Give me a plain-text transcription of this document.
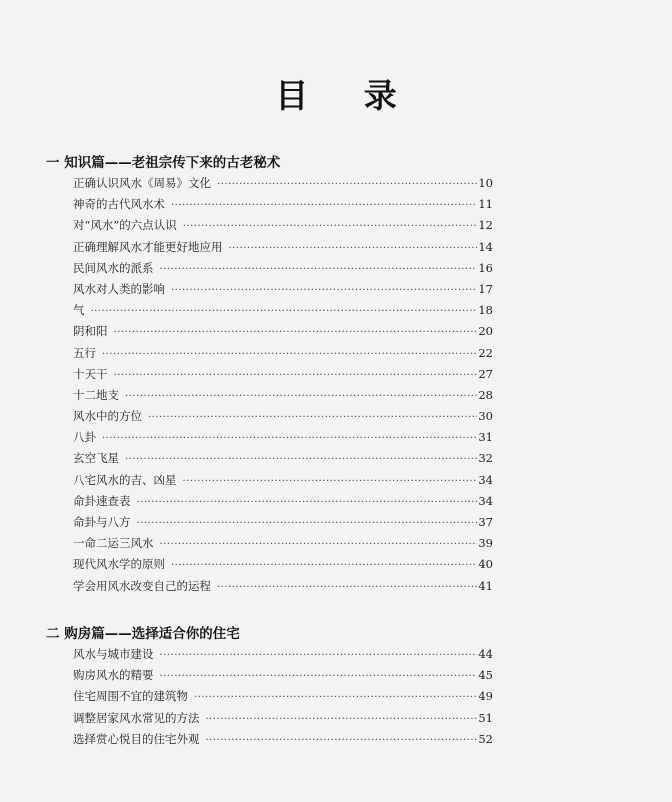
目 录
一 知识篇——老祖宗传下来的古老秘术
正确认识风水《周易》文化 ·····	10
神奇的古代风水术 ·····	11
对“风水”的六点认识 ·····	12
正确理解风水才能更好地应用 ·····	14
民间风水的派系 ·····	16
风水对人类的影响 ·····	17
气 ·····	18
阴和阳 ·····	20
五行 ·····	22
十天干 ·····	27
十二地支 ·····	28
风水中的方位 ·····	30
八卦 ·····	31
玄空飞星 ·····	32
八宅风水的吉、凶星 ·····	34
命卦速查表 ·····	34
命卦与八方 ·····	37
一命二运三风水 ·····	39
现代风水学的原则 ·····	40
学会用风水改变自己的运程 ·····	41
二 购房篇——选择适合你的住宅
风水与城市建设 ·····	44
购房风水的精要 ·····	45
住宅周围不宜的建筑物 ·····	49
调整居家风水常见的方法 ·····	51
选择赏心悦目的住宅外观 ·····	52
